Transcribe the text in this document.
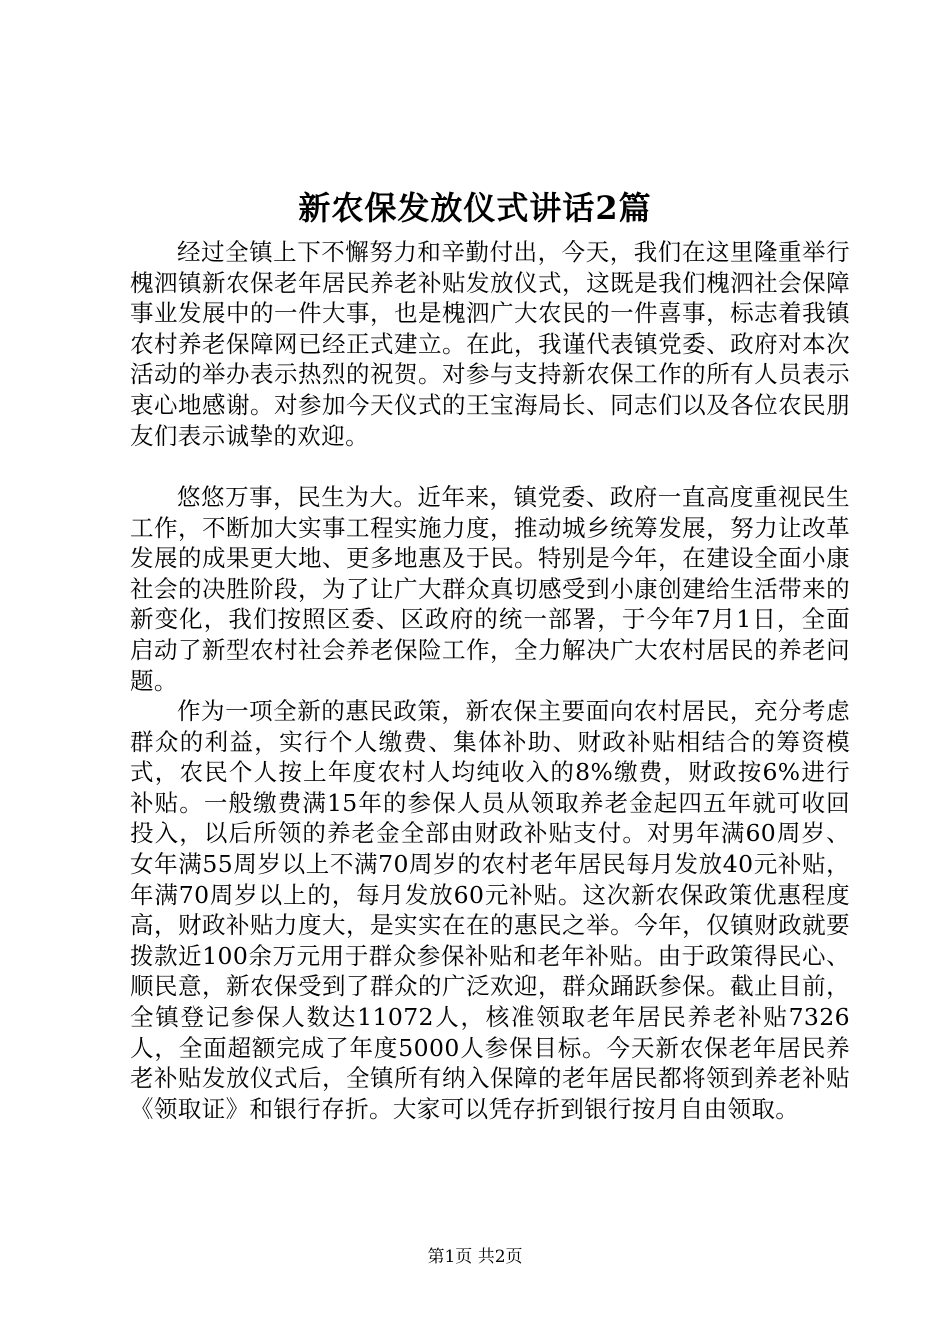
新农保发放仪式讲话2篇

经过全镇上下不懈努力和辛勤付出，今天，我们在这里隆重举行槐泗镇新农保老年居民养老补贴发放仪式，这既是我们槐泗社会保障事业发展中的一件大事，也是槐泗广大农民的一件喜事，标志着我镇农村养老保障网已经正式建立。在此，我谨代表镇党委、政府对本次活动的举办表示热烈的祝贺。对参与支持新农保工作的所有人员表示衷心地感谢。对参加今天仪式的王宝海局长、同志们以及各位农民朋友们表示诚挚的欢迎。

悠悠万事，民生为大。近年来，镇党委、政府一直高度重视民生工作，不断加大实事工程实施力度，推动城乡统筹发展，努力让改革发展的成果更大地、更多地惠及于民。特别是今年，在建设全面小康社会的决胜阶段，为了让广大群众真切感受到小康创建给生活带来的新变化，我们按照区委、区政府的统一部署，于今年7月1日，全面启动了新型农村社会养老保险工作，全力解决广大农村居民的养老问题。

作为一项全新的惠民政策，新农保主要面向农村居民，充分考虑群众的利益，实行个人缴费、集体补助、财政补贴相结合的筹资模式，农民个人按上年度农村人均纯收入的8%缴费，财政按6%进行补贴。一般缴费满15年的参保人员从领取养老金起四五年就可收回投入，以后所领的养老金全部由财政补贴支付。对男年满60周岁、女年满55周岁以上不满70周岁的农村老年居民每月发放40元补贴，年满70周岁以上的，每月发放60元补贴。这次新农保政策优惠程度高，财政补贴力度大，是实实在在的惠民之举。今年，仅镇财政就要拨款近100余万元用于群众参保补贴和老年补贴。由于政策得民心、顺民意，新农保受到了群众的广泛欢迎，群众踊跃参保。截止目前，全镇登记参保人数达11072人，核准领取老年居民养老补贴7326人，全面超额完成了年度5000人参保目标。今天新农保老年居民养老补贴发放仪式后，全镇所有纳入保障的老年居民都将领到养老补贴《领取证》和银行存折。大家可以凭存折到银行按月自由领取。

第1页 共2页
